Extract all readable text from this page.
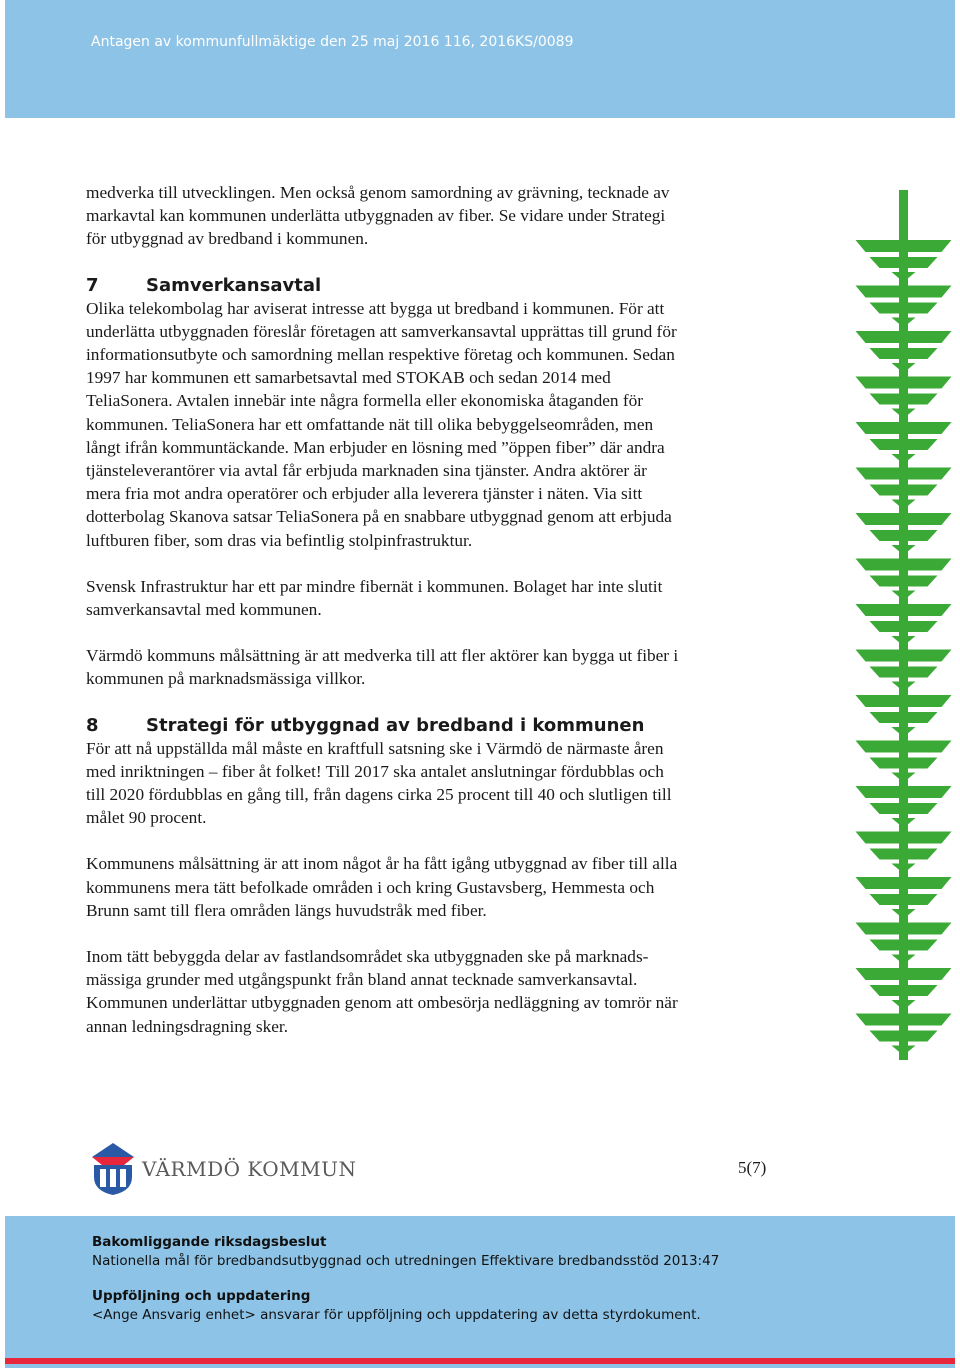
Antagen av kommunfullmäktige den 25 maj 2016 116, 2016KS/0089

medverka till utvecklingen. Men också genom samordning av grävning, tecknade av

markavtal kan kommunen underlätta utbyggnaden av fiber. Se vidare under Strategi

för utbyggnad av bredband i kommunen.

7	Samverkansavtal

Olika telekombolag har aviserat intresse att bygga ut bredband i kommunen. För att

underlätta utbyggnaden föreslår företagen att samverkansavtal upprättas till grund för

informationsutbyte och samordning mellan respektive företag och kommunen. Sedan

1997 har kommunen ett samarbetsavtal med STOKAB och sedan 2014 med

TeliaSonera. Avtalen innebär inte några formella eller ekonomiska åtaganden för

kommunen. TeliaSonera har ett omfattande nät till olika bebyggelseområden, men

långt ifrån kommuntäckande. Man erbjuder en lösning med ”öppen fiber” där andra

tjänsteleverantörer via avtal får erbjuda marknaden sina tjänster. Andra aktörer är

mera fria mot andra operatörer och erbjuder alla leverera tjänster i näten. Via sitt

dotterbolag Skanova satsar TeliaSonera på en snabbare utbyggnad genom att erbjuda

luftburen fiber, som dras via befintlig stolpinfrastruktur.

Svensk Infrastruktur har ett par mindre fibernät i kommunen. Bolaget har inte slutit

samverkansavtal med kommunen.

Värmdö kommuns målsättning är att medverka till att fler aktörer kan bygga ut fiber i

kommunen på marknadsmässiga villkor.

8	Strategi för utbyggnad av bredband i kommunen

För att nå uppställda mål måste en kraftfull satsning ske i Värmdö de närmaste åren

med inriktningen – fiber åt folket! Till 2017 ska antalet anslutningar fördubblas och

till 2020 fördubblas en gång till, från dagens cirka 25 procent till 40 och slutligen till

målet 90 procent.

Kommunens målsättning är att inom något år ha fått igång utbyggnad av fiber till alla

kommunens mera tätt befolkade områden i och kring Gustavsberg, Hemmesta och

Brunn samt till flera områden längs huvudstråk med fiber.

Inom tätt bebyggda delar av fastlandsområdet ska utbyggnaden ske på marknads-

mässiga grunder med utgångspunkt från bland annat tecknade samverkansavtal.

Kommunen underlättar utbyggnaden genom att ombesörja nedläggning av tomrör när

annan ledningsdragning sker.

VÄRMDÖ KOMMUN	5(7)
Bakomliggande riksdagsbeslut
Nationella mål för bredbandsutbyggnad och utredningen Effektivare bredbandsstöd 2013:47
Uppföljning och uppdatering
<Ange Ansvarig enhet> ansvarar för uppföljning och uppdatering av detta styrdokument.
